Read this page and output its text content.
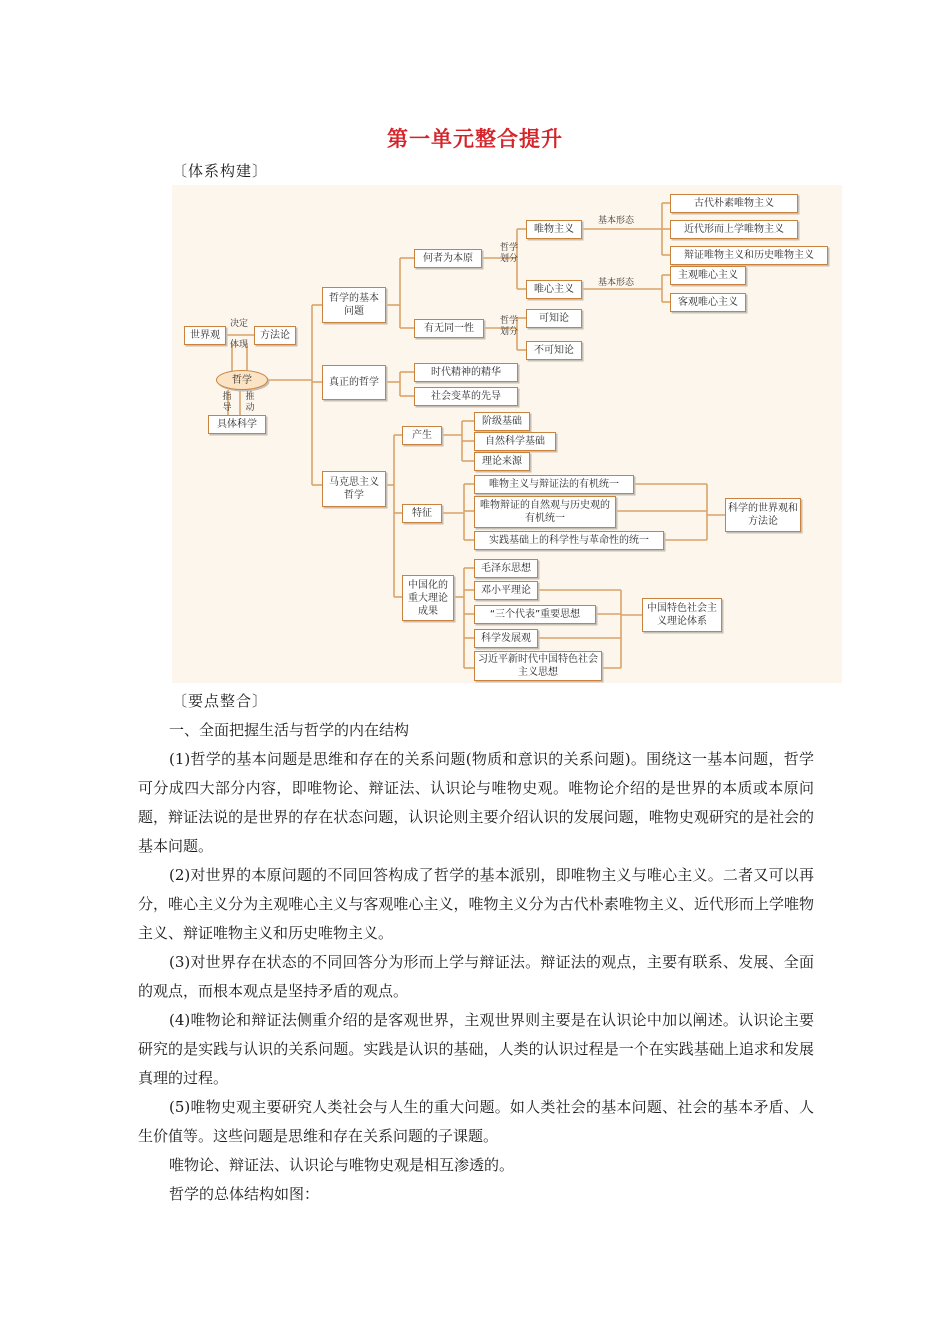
第一单元整合提升
〔体系构建〕
世界观	方法论
决定
体现
哲学
指导
推动
具体科学
哲学的基本问题
真正的哲学
马克思主义哲学
何者为本原
有无同一性
哲学划分
哲学划分
唯物主义
唯心主义
基本形态
基本形态
古代朴素唯物主义
近代形而上学唯物主义
辩证唯物主义和历史唯物主义
主观唯心主义
客观唯心主义
可知论
不可知论
时代精神的精华
社会变革的先导
产生
阶级基础
自然科学基础
理论来源
特征
唯物主义与辩证法的有机统一
唯物辩证的自然观与历史观的有机统一
实践基础上的科学性与革命性的统一
科学的世界观和方法论
中国化的重大理论成果
毛泽东思想
邓小平理论
“三个代表”重要思想
科学发展观
习近平新时代中国特色社会主义思想
中国特色社会主义理论体系
〔要点整合〕

一、全面把握生活与哲学的内在结构

(1)哲学的基本问题是思维和存在的关系问题(物质和意识的关系问题)。围绕这一基本问题，哲学可分成四大部分内容，即唯物论、辩证法、认识论与唯物史观。唯物论介绍的是世界的本质或本原问题，辩证法说的是世界的存在状态问题，认识论则主要介绍认识的发展问题，唯物史观研究的是社会的基本问题。

(2)对世界的本原问题的不同回答构成了哲学的基本派别，即唯物主义与唯心主义。二者又可以再分，唯心主义分为主观唯心主义与客观唯心主义，唯物主义分为古代朴素唯物主义、近代形而上学唯物主义、辩证唯物主义和历史唯物主义。

(3)对世界存在状态的不同回答分为形而上学与辩证法。辩证法的观点，主要有联系、发展、全面的观点，而根本观点是坚持矛盾的观点。

(4)唯物论和辩证法侧重介绍的是客观世界，主观世界则主要是在认识论中加以阐述。认识论主要研究的是实践与认识的关系问题。实践是认识的基础，人类的认识过程是一个在实践基础上追求和发展真理的过程。

(5)唯物史观主要研究人类社会与人生的重大问题。如人类社会的基本问题、社会的基本矛盾、人生价值等。这些问题是思维和存在关系问题的子课题。

唯物论、辩证法、认识论与唯物史观是相互渗透的。

哲学的总体结构如图：
